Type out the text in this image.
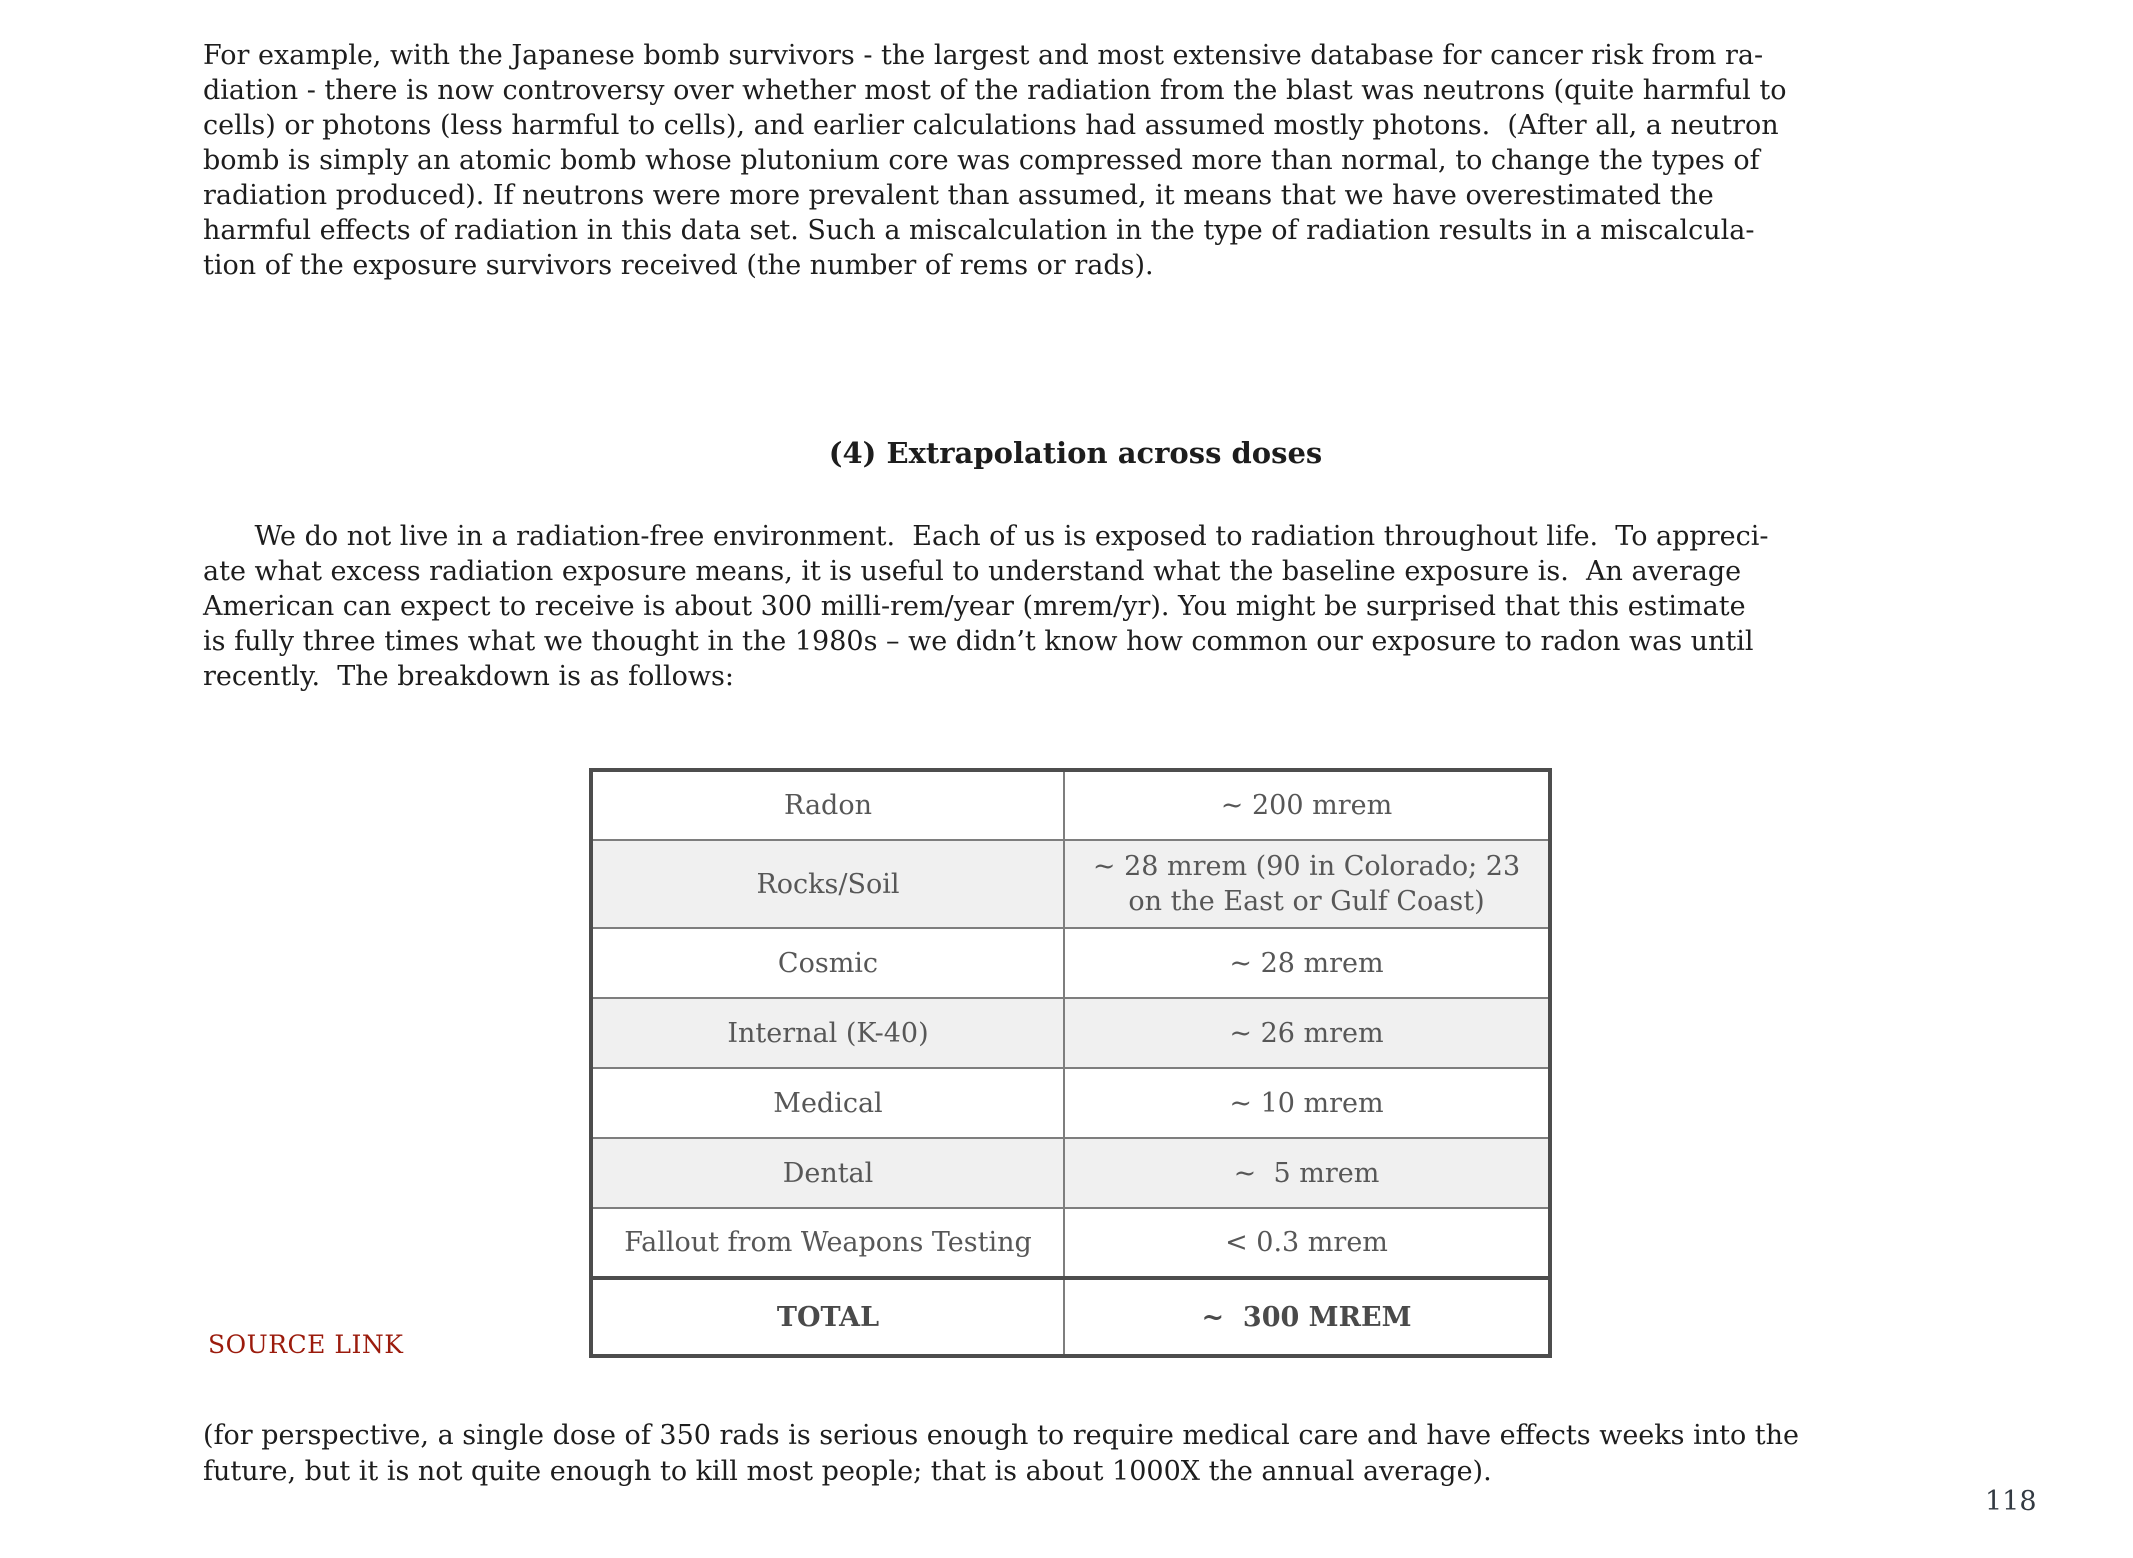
For example, with the Japanese bomb survivors - the largest and most extensive database for cancer risk from ra-
diation - there is now controversy over whether most of the radiation from the blast was neutrons (quite harmful to
cells) or photons (less harmful to cells), and earlier calculations had assumed mostly photons.  (After all, a neutron
bomb is simply an atomic bomb whose plutonium core was compressed more than normal, to change the types of
radiation produced). If neutrons were more prevalent than assumed, it means that we have overestimated the
harmful effects of radiation in this data set. Such a miscalculation in the type of radiation results in a miscalcula-
tion of the exposure survivors received (the number of rems or rads).
(4) Extrapolation across doses
We do not live in a radiation-free environment.  Each of us is exposed to radiation throughout life.  To appreci-
ate what excess radiation exposure means, it is useful to understand what the baseline exposure is.  An average
American can expect to receive is about 300 milli-rem/year (mrem/yr). You might be surprised that this estimate
is fully three times what we thought in the 1980s – we didn’t know how common our exposure to radon was until
recently.  The breakdown is as follows:
Radon	~ 200 mrem
Rocks/Soil	~ 28 mrem (90 in Colorado; 23 on the East or Gulf Coast)
Cosmic	~ 28 mrem
Internal (K-40)	~ 26 mrem
Medical	~ 10 mrem
Dental	~  5 mrem
Fallout from Weapons Testing	< 0.3 mrem
TOTAL	~  300 MREM
SOURCE LINK
(for perspective, a single dose of 350 rads is serious enough to require medical care and have effects weeks into the
future, but it is not quite enough to kill most people; that is about 1000X the annual average).
118
